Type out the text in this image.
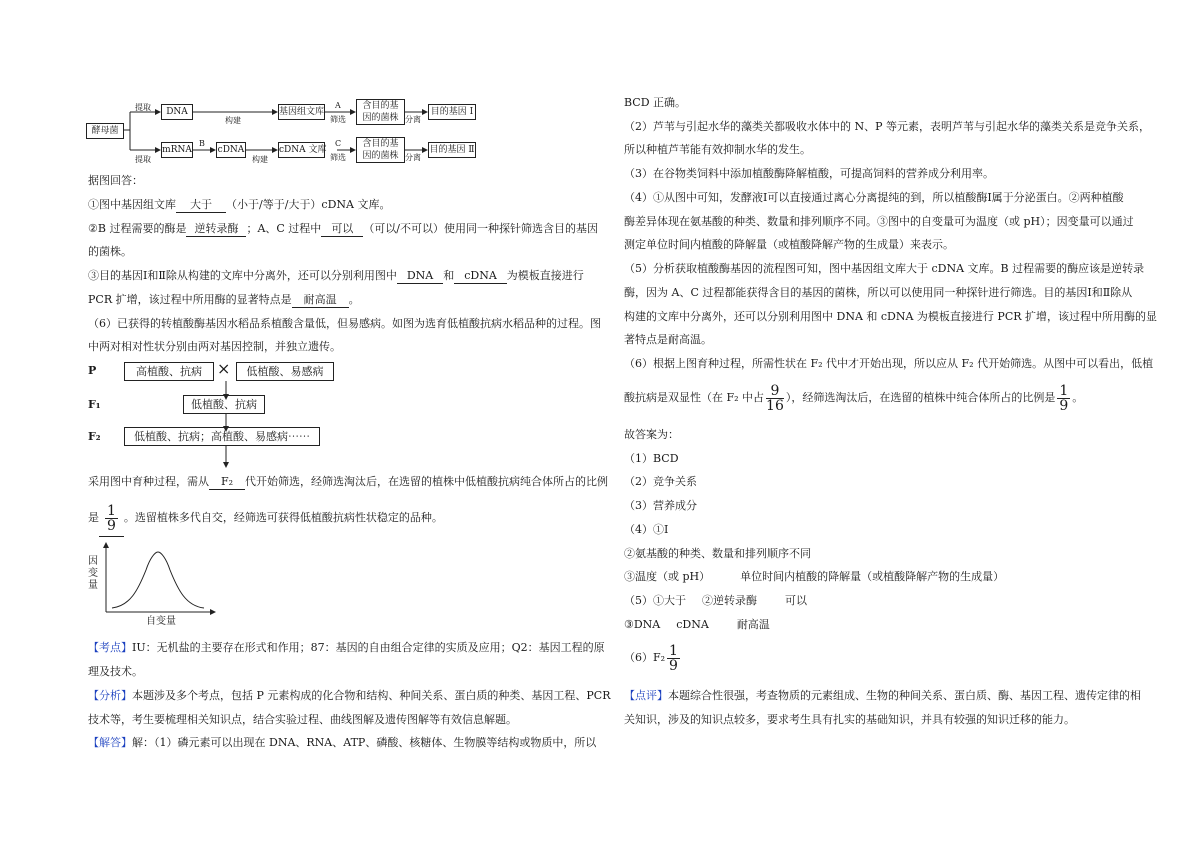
酵母菌
提取
提取
DNA
mRNA
B
cDNA
构建
构建
基因组文库
cDNA 文库
A
C
筛选
筛选
含目的基因的菌株
含目的基因的菌株
分离
分离
目的基因 Ⅰ
目的基因 Ⅱ
据图回答：
①图中基因组文库 大于 （小于/等于/大于）cDNA 文库。
②B 过程需要的酶是 逆转录酶 ；A、C 过程中 可以 （可以/不可以）使用同一种探针筛选含目的基因
的菌株。
③目的基因Ⅰ和Ⅱ除从构建的文库中分离外，还可以分别利用图中 DNA 和 cDNA 为模板直接进行
PCR 扩增，该过程中所用酶的显著特点是 耐高温 。
（6）已获得的转植酸酶基因水稻品系植酸含量低，但易感病。如图为选育低植酸抗病水稻品种的过程。图
中两对相对性状分别由两对基因控制，并独立遗传。
P
F₁
F₂
高植酸、抗病 ×	低植酸、易感病
低植酸、抗病
低植酸、抗病；高植酸、易感病⋯⋯
采用图中育种过程，需从 F₂ 代开始筛选，经筛选淘汰后，在选留的植株中低植酸抗病纯合体所占的比例
是 $\frac{1}{9}$ 。选留植株多代自交，经筛选可获得低植酸抗病性状稳定的品种。
因变量
自变量
【考点】IU：无机盐的主要存在形式和作用；87：基因的自由组合定律的实质及应用；Q2：基因工程的原
理及技术。
【分析】本题涉及多个考点，包括 P 元素构成的化合物和结构、种间关系、蛋白质的种类、基因工程、PCR
技术等，考生要梳理相关知识点，结合实验过程、曲线图解及遗传图解等有效信息解题。
【解答】解：（1）磷元素可以出现在 DNA、RNA、ATP、磷酸、核糖体、生物膜等结构或物质中，所以
BCD 正确。
（2）芦苇与引起水华的藻类关都吸收水体中的 N、P 等元素，表明芦苇与引起水华的藻类关系是竞争关系，
所以种植芦苇能有效抑制水华的发生。
（3）在谷物类饲料中添加植酸酶降解植酸，可提高饲料的营养成分利用率。
（4）①从图中可知，发酵液Ⅰ可以直接通过离心分离提纯的到，所以植酸酶Ⅰ属于分泌蛋白。②两种植酸
酶差异体现在氨基酸的种类、数量和排列顺序不同。③图中的自变量可为温度（或 pH）；因变量可以通过
测定单位时间内植酸的降解量（或植酸降解产物的生成量）来表示。
（5）分析获取植酸酶基因的流程图可知，图中基因组文库大于 cDNA 文库。B 过程需要的酶应该是逆转录
酶，因为 A、C 过程都能获得含目的基因的菌株，所以可以使用同一种探针进行筛选。目的基因Ⅰ和Ⅱ除从
构建的文库中分离外，还可以分别利用图中 DNA 和 cDNA 为模板直接进行 PCR 扩增，该过程中所用酶的显
著特点是耐高温。
（6）根据上图育种过程，所需性状在 F₂ 代中才开始出现，所以应从 F₂ 代开始筛选。从图中可以看出，低植
酸抗病是双显性（在 F₂ 中占 $\frac{9}{16}$ ），经筛选淘汰后，在选留的植株中纯合体所占的比例是 $\frac{1}{9}$ 。
故答案为：
（1）BCD
（2）竞争关系
（3）营养成分
（4）①Ⅰ
②氨基酸的种类、数量和排列顺序不同
③温度（或 pH）	单位时间内植酸的降解量（或植酸降解产物的生成量）
（5）①大于 ②逆转录酶	可以
③DNA cDNA	耐高温
$(6)F_2 \frac{1}{9}$
【点评】本题综合性很强，考查物质的元素组成、生物的种间关系、蛋白质、酶、基因工程、遗传定律的相
关知识，涉及的知识点较多，要求考生具有扎实的基础知识，并具有较强的知识迁移的能力。
